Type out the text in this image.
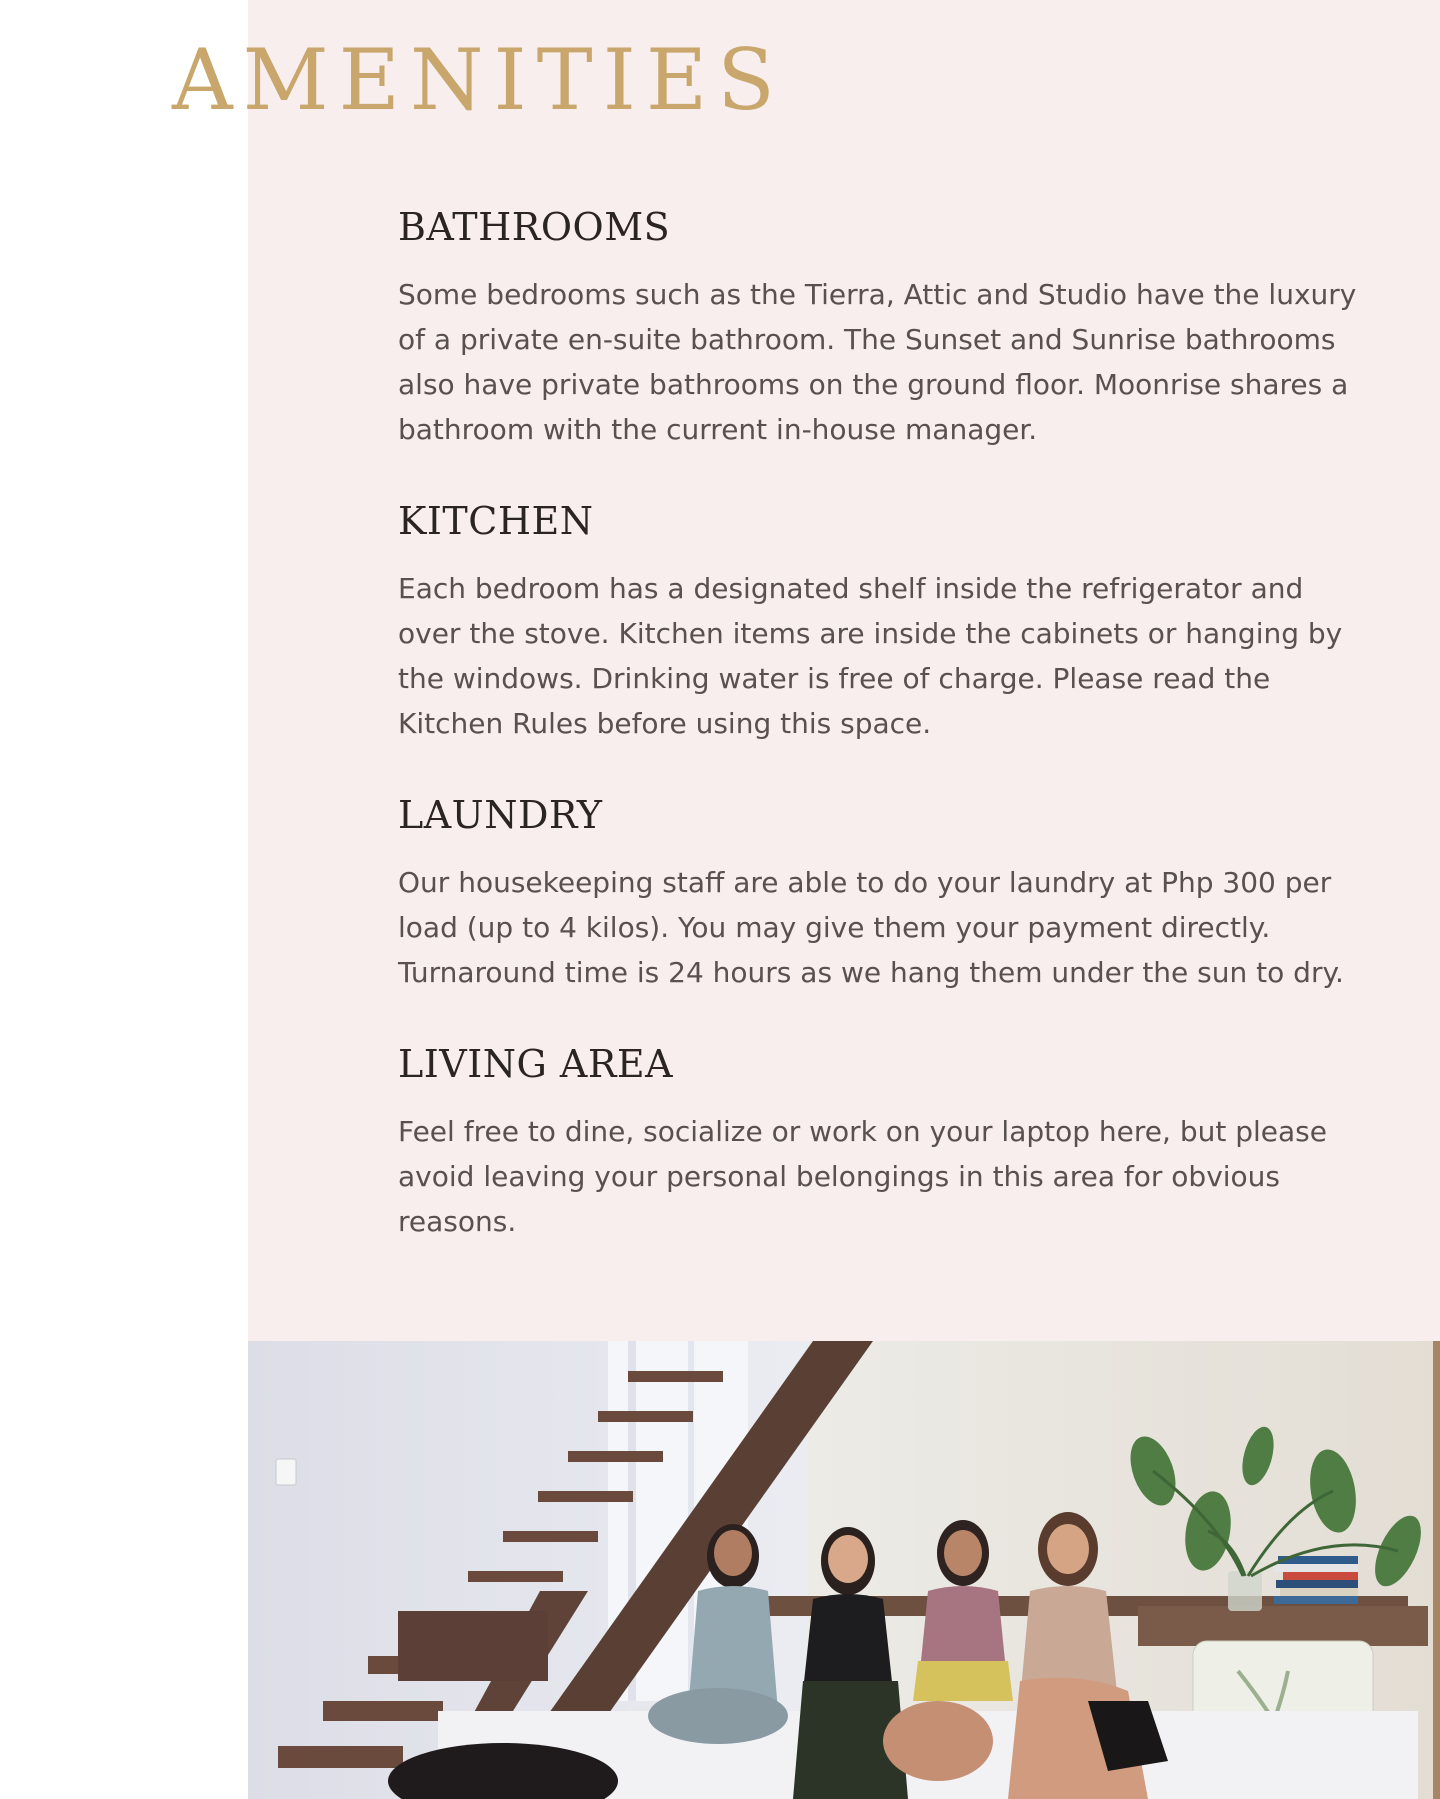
AMENITIES
BATHROOMS

Some bedrooms such as the Tierra, Attic and Studio have the luxury of a private en-suite bathroom. The Sunset and Sunrise bathrooms also have private bathrooms on the ground floor. Moonrise shares a bathroom with the current in-house manager.

KITCHEN

Each bedroom has a designated shelf inside the refrigerator and over the stove. Kitchen items are inside the cabinets or hanging by the windows. Drinking water is free of charge. Please read the Kitchen Rules before using this space.

LAUNDRY

Our housekeeping staff are able to do your laundry at Php 300 per load (up to 4 kilos). You may give them your payment directly. Turnaround time is 24 hours as we hang them under the sun to dry.

LIVING AREA

Feel free to dine, socialize or work on your laptop here, but please avoid leaving your personal belongings in this area for obvious reasons.
